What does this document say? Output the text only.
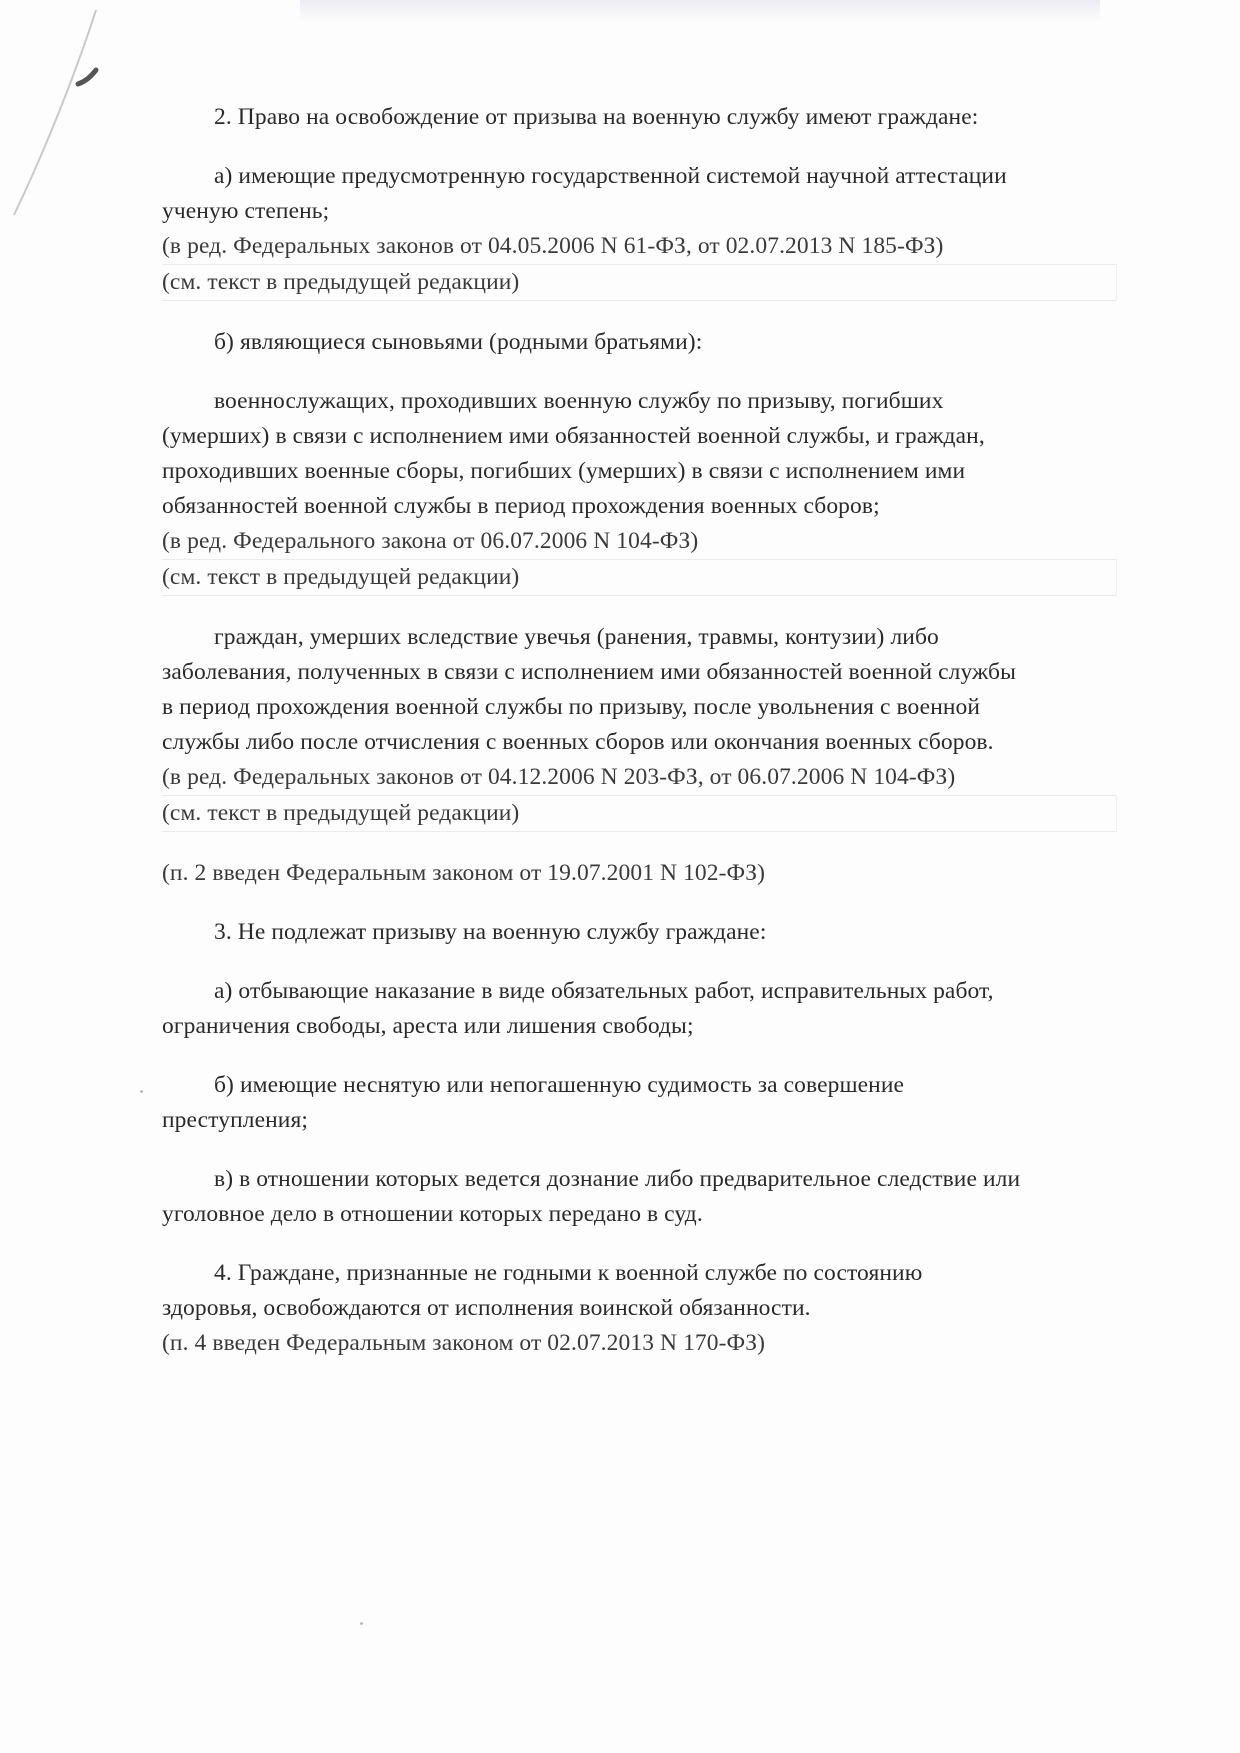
2. Право на освобождение от призыва на военную службу имеют граждане:
а) имеющие предусмотренную государственной системой научной аттестации
ученую степень;
(в ред. Федеральных законов от 04.05.2006 N 61-ФЗ, от 02.07.2013 N 185-ФЗ)
(см. текст в предыдущей редакции)
б) являющиеся сыновьями (родными братьями):
военнослужащих, проходивших военную службу по призыву, погибших
(умерших) в связи с исполнением ими обязанностей военной службы, и граждан,
проходивших военные сборы, погибших (умерших) в связи с исполнением ими
обязанностей военной службы в период прохождения военных сборов;
(в ред. Федерального закона от 06.07.2006 N 104-ФЗ)
(см. текст в предыдущей редакции)
граждан, умерших вследствие увечья (ранения, травмы, контузии) либо
заболевания, полученных в связи с исполнением ими обязанностей военной службы
в период прохождения военной службы по призыву, после увольнения с военной
службы либо после отчисления с военных сборов или окончания военных сборов.
(в ред. Федеральных законов от 04.12.2006 N 203-ФЗ, от 06.07.2006 N 104-ФЗ)
(см. текст в предыдущей редакции)
(п. 2 введен Федеральным законом от 19.07.2001 N 102-ФЗ)
3. Не подлежат призыву на военную службу граждане:
а) отбывающие наказание в виде обязательных работ, исправительных работ,
ограничения свободы, ареста или лишения свободы;
б) имеющие неснятую или непогашенную судимость за совершение
преступления;
в) в отношении которых ведется дознание либо предварительное следствие или
уголовное дело в отношении которых передано в суд.
4. Граждане, признанные не годными к военной службе по состоянию
здоровья, освобождаются от исполнения воинской обязанности.
(п. 4 введен Федеральным законом от 02.07.2013 N 170-ФЗ)
